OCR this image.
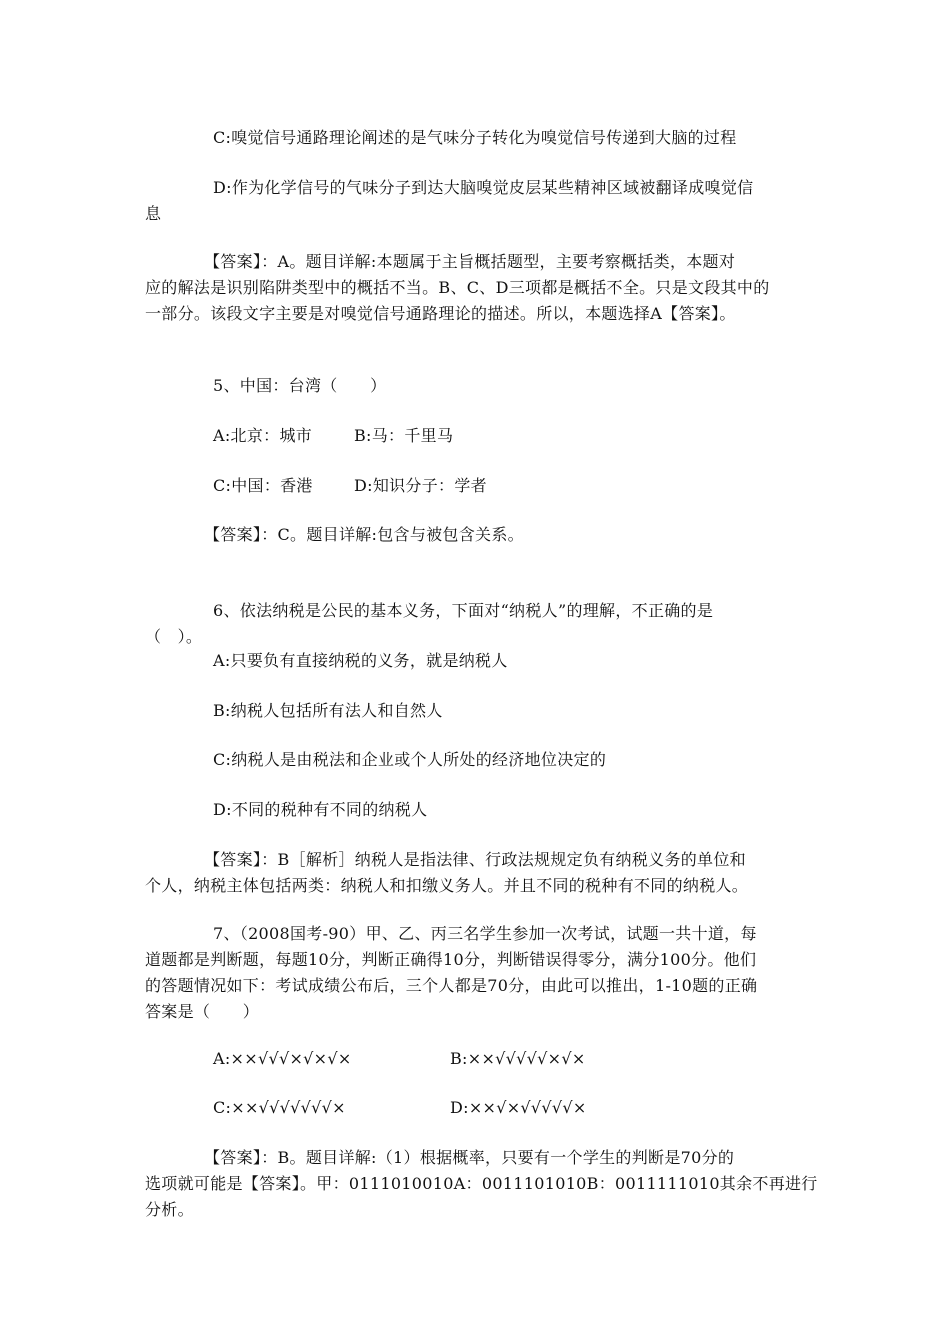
C:嗅觉信号通路理论阐述的是气味分子转化为嗅觉信号传递到大脑的过程
D:作为化学信号的气味分子到达大脑嗅觉皮层某些精神区域被翻译成嗅觉信
息
【答案】：A。题目详解:本题属于主旨概括题型，主要考察概括类，本题对
应的解法是识别陷阱类型中的概括不当。B、C、D三项都是概括不全。只是文段其中的
一部分。该段文字主要是对嗅觉信号通路理论的描述。所以，本题选择A【答案】。
5、中国：台湾（　　）
A:北京：城市	B:马：千里马
C:中国：香港	D:知识分子：学者
【答案】：C。题目详解:包含与被包含关系。
6、依法纳税是公民的基本义务，下面对“纳税人”的理解，不正确的是
（　）。
A:只要负有直接纳税的义务，就是纳税人
B:纳税人包括所有法人和自然人
C:纳税人是由税法和企业或个人所处的经济地位决定的
D:不同的税种有不同的纳税人
【答案】：B［解析］纳税人是指法律、行政法规规定负有纳税义务的单位和
个人，纳税主体包括两类：纳税人和扣缴义务人。并且不同的税种有不同的纳税人。
7、（2008国考-90）甲、乙、丙三名学生参加一次考试，试题一共十道，每
道题都是判断题，每题10分，判断正确得10分，判断错误得零分，满分100分。他们
的答题情况如下：考试成绩公布后，三个人都是70分，由此可以推出，1-10题的正确
答案是（　　）
A:××√√√×√×√×	B:××√√√√√×√×
C:××√√√√√√√×	D:××√×√√√√√×
【答案】：B。题目详解:（1）根据概率，只要有一个学生的判断是70分的
选项就可能是【答案】。甲：0111010010A：0011101010B：0011111010其余不再进行
分析。
